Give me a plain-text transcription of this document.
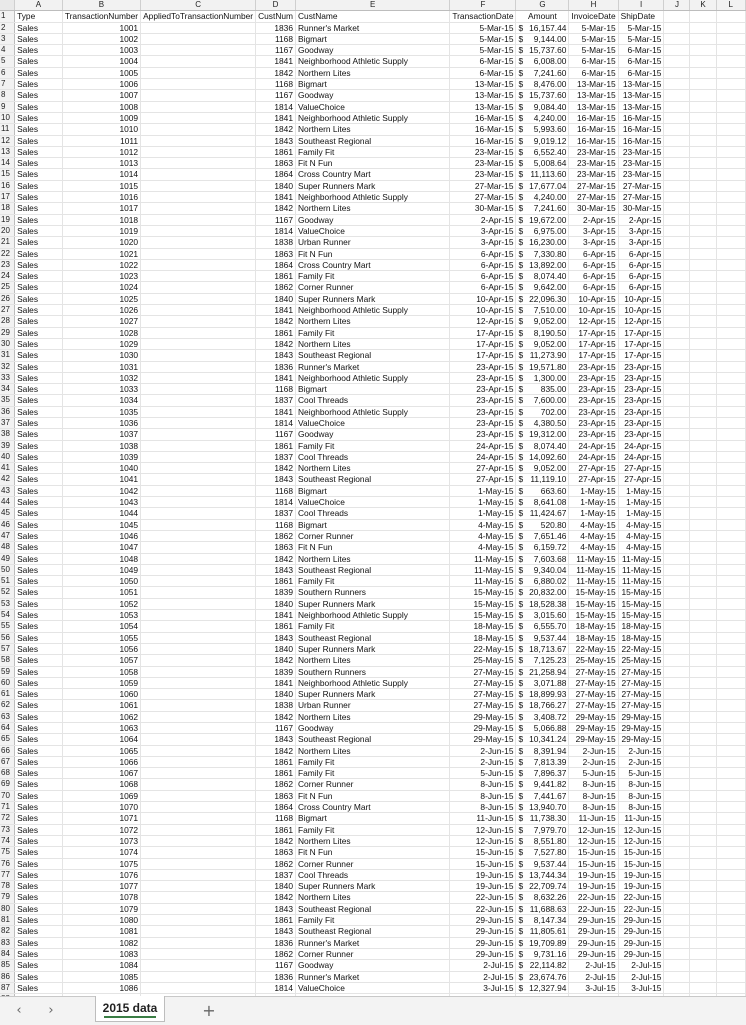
	A	B	C	D	E	F	G	H	I	J	K	L
1	Type	TransactionNumber	AppliedToTransactionNumber	CustNum	CustName	TransactionDate	Amount	InvoiceDate	ShipDate			
2	Sales	1001		1836	Runner's Market	5-Mar-15	$ 16,157.44	5-Mar-15	5-Mar-15			
3	Sales	1002		1168	Bigmart	5-Mar-15	$ 9,144.00	5-Mar-15	5-Mar-15			
4	Sales	1003		1167	Goodway	5-Mar-15	$ 15,737.60	5-Mar-15	6-Mar-15			
5	Sales	1004		1841	Neighborhood Athletic Supply	6-Mar-15	$ 6,008.00	6-Mar-15	6-Mar-15			
6	Sales	1005		1842	Northern Lites	6-Mar-15	$ 7,241.60	6-Mar-15	6-Mar-15			
7	Sales	1006		1168	Bigmart	13-Mar-15	$ 8,476.00	13-Mar-15	13-Mar-15			
8	Sales	1007		1167	Goodway	13-Mar-15	$ 15,737.60	13-Mar-15	13-Mar-15			
9	Sales	1008		1814	ValueChoice	13-Mar-15	$ 9,084.40	13-Mar-15	13-Mar-15			
10	Sales	1009		1841	Neighborhood Athletic Supply	16-Mar-15	$ 4,240.00	16-Mar-15	16-Mar-15			
11	Sales	1010		1842	Northern Lites	16-Mar-15	$ 5,993.60	16-Mar-15	16-Mar-15			
12	Sales	1011		1843	Southeast Regional	16-Mar-15	$ 9,019.12	16-Mar-15	16-Mar-15			
13	Sales	1012		1861	Family Fit	23-Mar-15	$ 6,552.40	23-Mar-15	23-Mar-15			
14	Sales	1013		1863	Fit N Fun	23-Mar-15	$ 5,008.64	23-Mar-15	23-Mar-15			
15	Sales	1014		1864	Cross Country Mart	23-Mar-15	$ 11,113.60	23-Mar-15	23-Mar-15			
16	Sales	1015		1840	Super Runners Mark	27-Mar-15	$ 17,677.04	27-Mar-15	27-Mar-15			
17	Sales	1016		1841	Neighborhood Athletic Supply	27-Mar-15	$ 4,240.00	27-Mar-15	27-Mar-15			
18	Sales	1017		1842	Northern Lites	30-Mar-15	$ 7,241.60	30-Mar-15	30-Mar-15			
19	Sales	1018		1167	Goodway	2-Apr-15	$ 19,672.00	2-Apr-15	2-Apr-15			
20	Sales	1019		1814	ValueChoice	3-Apr-15	$ 6,975.00	3-Apr-15	3-Apr-15			
21	Sales	1020		1838	Urban Runner	3-Apr-15	$ 16,230.00	3-Apr-15	3-Apr-15			
22	Sales	1021		1863	Fit N Fun	6-Apr-15	$ 7,330.80	6-Apr-15	6-Apr-15			
23	Sales	1022		1864	Cross Country Mart	6-Apr-15	$ 13,892.00	6-Apr-15	6-Apr-15			
24	Sales	1023		1861	Family Fit	6-Apr-15	$ 8,074.40	6-Apr-15	6-Apr-15			
25	Sales	1024		1862	Corner Runner	6-Apr-15	$ 9,642.00	6-Apr-15	6-Apr-15			
26	Sales	1025		1840	Super Runners Mark	10-Apr-15	$ 22,096.30	10-Apr-15	10-Apr-15			
27	Sales	1026		1841	Neighborhood Athletic Supply	10-Apr-15	$ 7,510.00	10-Apr-15	10-Apr-15			
28	Sales	1027		1842	Northern Lites	12-Apr-15	$ 9,052.00	12-Apr-15	12-Apr-15			
29	Sales	1028		1861	Family Fit	17-Apr-15	$ 8,190.50	17-Apr-15	17-Apr-15			
30	Sales	1029		1842	Northern Lites	17-Apr-15	$ 9,052.00	17-Apr-15	17-Apr-15			
31	Sales	1030		1843	Southeast Regional	17-Apr-15	$ 11,273.90	17-Apr-15	17-Apr-15			
32	Sales	1031		1836	Runner's Market	23-Apr-15	$ 19,571.80	23-Apr-15	23-Apr-15			
33	Sales	1032		1841	Neighborhood Athletic Supply	23-Apr-15	$ 1,300.00	23-Apr-15	23-Apr-15			
34	Sales	1033		1168	Bigmart	23-Apr-15	$ 835.00	23-Apr-15	23-Apr-15			
35	Sales	1034		1837	Cool Threads	23-Apr-15	$ 7,600.00	23-Apr-15	23-Apr-15			
36	Sales	1035		1841	Neighborhood Athletic Supply	23-Apr-15	$ 702.00	23-Apr-15	23-Apr-15			
37	Sales	1036		1814	ValueChoice	23-Apr-15	$ 4,380.50	23-Apr-15	23-Apr-15			
38	Sales	1037		1167	Goodway	23-Apr-15	$ 19,312.00	23-Apr-15	23-Apr-15			
39	Sales	1038		1861	Family Fit	24-Apr-15	$ 8,074.40	24-Apr-15	24-Apr-15			
40	Sales	1039		1837	Cool Threads	24-Apr-15	$ 14,092.60	24-Apr-15	24-Apr-15			
41	Sales	1040		1842	Northern Lites	27-Apr-15	$ 9,052.00	27-Apr-15	27-Apr-15			
42	Sales	1041		1843	Southeast Regional	27-Apr-15	$ 11,119.10	27-Apr-15	27-Apr-15			
43	Sales	1042		1168	Bigmart	1-May-15	$ 663.60	1-May-15	1-May-15			
44	Sales	1043		1814	ValueChoice	1-May-15	$ 8,641.08	1-May-15	1-May-15			
45	Sales	1044		1837	Cool Threads	1-May-15	$ 11,424.67	1-May-15	1-May-15			
46	Sales	1045		1168	Bigmart	4-May-15	$ 520.80	4-May-15	4-May-15			
47	Sales	1046		1862	Corner Runner	4-May-15	$ 7,651.46	4-May-15	4-May-15			
48	Sales	1047		1863	Fit N Fun	4-May-15	$ 6,159.72	4-May-15	4-May-15			
49	Sales	1048		1842	Northern Lites	11-May-15	$ 7,603.68	11-May-15	11-May-15			
50	Sales	1049		1843	Southeast Regional	11-May-15	$ 9,340.04	11-May-15	11-May-15			
51	Sales	1050		1861	Family Fit	11-May-15	$ 6,880.02	11-May-15	11-May-15			
52	Sales	1051		1839	Southern Runners	15-May-15	$ 20,832.00	15-May-15	15-May-15			
53	Sales	1052		1840	Super Runners Mark	15-May-15	$ 18,528.38	15-May-15	15-May-15			
54	Sales	1053		1841	Neighborhood Athletic Supply	15-May-15	$ 3,015.60	15-May-15	15-May-15			
55	Sales	1054		1861	Family Fit	18-May-15	$ 6,555.70	18-May-15	18-May-15			
56	Sales	1055		1843	Southeast Regional	18-May-15	$ 9,537.44	18-May-15	18-May-15			
57	Sales	1056		1840	Super Runners Mark	22-May-15	$ 18,713.67	22-May-15	22-May-15			
58	Sales	1057		1842	Northern Lites	25-May-15	$ 7,125.23	25-May-15	25-May-15			
59	Sales	1058		1839	Southern Runners	27-May-15	$ 21,258.94	27-May-15	27-May-15			
60	Sales	1059		1841	Neighborhood Athletic Supply	27-May-15	$ 3,071.88	27-May-15	27-May-15			
61	Sales	1060		1840	Super Runners Mark	27-May-15	$ 18,899.93	27-May-15	27-May-15			
62	Sales	1061		1838	Urban Runner	27-May-15	$ 18,766.27	27-May-15	27-May-15			
63	Sales	1062		1842	Northern Lites	29-May-15	$ 3,408.72	29-May-15	29-May-15			
64	Sales	1063		1167	Goodway	29-May-15	$ 5,066.88	29-May-15	29-May-15			
65	Sales	1064		1843	Southeast Regional	29-May-15	$ 10,341.24	29-May-15	29-May-15			
66	Sales	1065		1842	Northern Lites	2-Jun-15	$ 8,391.94	2-Jun-15	2-Jun-15			
67	Sales	1066		1861	Family Fit	2-Jun-15	$ 7,813.39	2-Jun-15	2-Jun-15			
68	Sales	1067		1861	Family Fit	5-Jun-15	$ 7,896.37	5-Jun-15	5-Jun-15			
69	Sales	1068		1862	Corner Runner	8-Jun-15	$ 9,441.82	8-Jun-15	8-Jun-15			
70	Sales	1069		1863	Fit N Fun	8-Jun-15	$ 7,441.67	8-Jun-15	8-Jun-15			
71	Sales	1070		1864	Cross Country Mart	8-Jun-15	$ 13,940.70	8-Jun-15	8-Jun-15			
72	Sales	1071		1168	Bigmart	11-Jun-15	$ 11,738.30	11-Jun-15	11-Jun-15			
73	Sales	1072		1861	Family Fit	12-Jun-15	$ 7,979.70	12-Jun-15	12-Jun-15			
74	Sales	1073		1842	Northern Lites	12-Jun-15	$ 8,551.80	12-Jun-15	12-Jun-15			
75	Sales	1074		1863	Fit N Fun	15-Jun-15	$ 7,527.80	15-Jun-15	15-Jun-15			
76	Sales	1075		1862	Corner Runner	15-Jun-15	$ 9,537.44	15-Jun-15	15-Jun-15			
77	Sales	1076		1837	Cool Threads	19-Jun-15	$ 13,744.34	19-Jun-15	19-Jun-15			
78	Sales	1077		1840	Super Runners Mark	19-Jun-15	$ 22,709.74	19-Jun-15	19-Jun-15			
79	Sales	1078		1842	Northern Lites	22-Jun-15	$ 8,632.26	22-Jun-15	22-Jun-15			
80	Sales	1079		1843	Southeast Regional	22-Jun-15	$ 11,688.63	22-Jun-15	22-Jun-15			
81	Sales	1080		1861	Family Fit	29-Jun-15	$ 8,147.34	29-Jun-15	29-Jun-15			
82	Sales	1081		1843	Southeast Regional	29-Jun-15	$ 11,805.61	29-Jun-15	29-Jun-15			
83	Sales	1082		1836	Runner's Market	29-Jun-15	$ 19,709.89	29-Jun-15	29-Jun-15			
84	Sales	1083		1862	Corner Runner	29-Jun-15	$ 9,731.16	29-Jun-15	29-Jun-15			
85	Sales	1084		1167	Goodway	2-Jul-15	$ 22,114.82	2-Jul-15	2-Jul-15			
86	Sales	1085		1836	Runner's Market	2-Jul-15	$ 23,674.76	2-Jul-15	2-Jul-15			
87	Sales	1086		1814	ValueChoice	3-Jul-15	$ 12,327.94	3-Jul-15	3-Jul-15			

‹	›	2015 data	+
